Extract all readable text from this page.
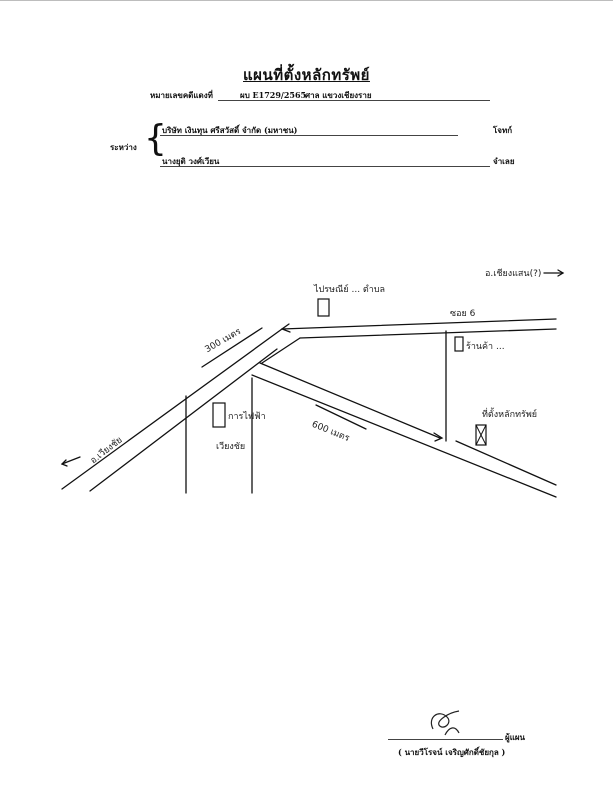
แผนที่ตั้งหลักทรัพย์
หมายเลขคดีแดงที่	ผบ E1729/2565
ศาล แขวงเชียงราย
ระหว่าง {
บริษัท เงินทุน ศรีสวัสดิ์ จำกัด (มหาชน)	โจทก์
นางยุติ วงศ์เวียน	จำเลย
อ.เชียงแสน(?)
ไปรษณีย์ ... ตำบล
300 เมตร
600 เมตร
ซอย 6
ร้านค้า ...
ที่ตั้งหลักทรัพย์
อ.เวียงชัย
การไฟฟ้า
เวียงชัย
ผู้แผน
( นายวีโรจน์ เจริญศักดิ์ชัยกุล )
